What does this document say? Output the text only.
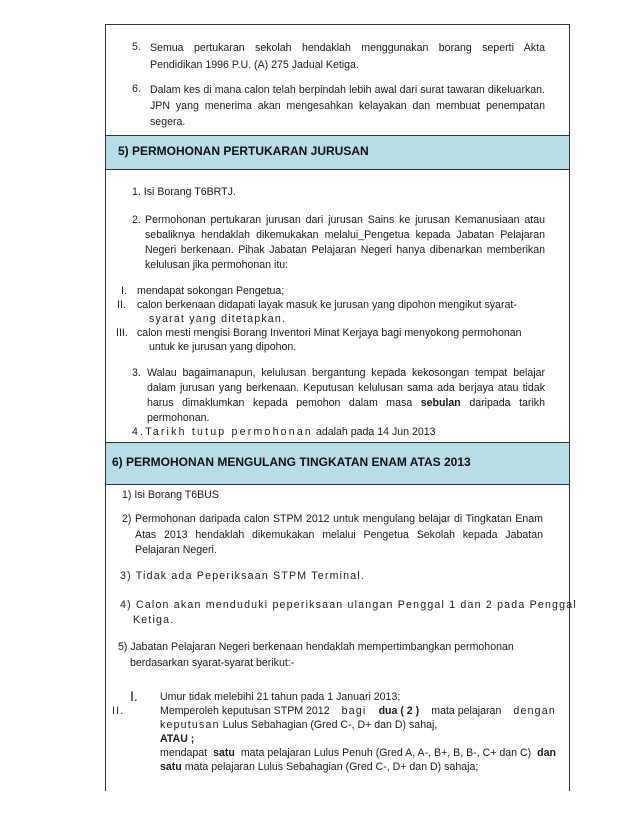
5. Semua pertukaran sekolah hendaklah menggunakan borang seperti Akta Pendidikan 1996 P.U. (A) 275 Jadual Ketiga.
6. Dalam kes di mana calon telah berpindah lebih awal dari surat tawaran dikeluarkan. JPN yang menerima akan mengesahkan kelayakan dan membuat penempatan segera.
5) PERMOHONAN PERTUKARAN JURUSAN
1. Isi Borang T6BRTJ.
2. Permohonan pertukaran jurusan dari jurusan Sains ke jurusan Kemanusiaan atau sebaliknya hendaklah dikemukakan melalui_Pengetua kepada Jabatan Pelajaran Negeri berkenaan. Pihak Jabatan Pelajaran Negeri hanya dibenarkan memberikan kelulusan jika permohonan itu:
I. mendapat sokongan Pengetua;
II. calon berkenaan didapati layak masuk ke jurusan yang dipohon mengikut syarat-
syarat yang ditetapkan.
III. calon mesti mengisi Borang Inventori Minat Kerjaya bagi menyokong permohonan
untuk ke jurusan yang dipohon.
3. Walau bagaimanapun, kelulusan bergantung kepada kekosongan tempat belajar dalam jurusan yang berkenaan. Keputusan kelulusan sama ada berjaya atau tidak harus dimaklumkan kepada pemohon dalam masa sebulan daripada tarikh permohonan.
4.Tarikh tutup permohonan adalah pada 14 Jun 2013
6) PERMOHONAN MENGULANG TINGKATAN ENAM ATAS 2013
1) Isi Borang T6BUS
2) Permohonan daripada calon STPM 2012 untuk mengulang belajar di Tingkatan Enam Atas 2013 hendaklah dikemukakan melalui Pengetua Sekolah kepada Jabatan Pelajaran Negeri.
3) Tidak ada Peperiksaan STPM Terminal.
4) Calon akan menduduki peperiksaan ulangan Penggal 1 dan 2 pada Penggal
Ketiga.
5) Jabatan Pelajaran Negeri berkenaan hendaklah mempertimbangkan permohonan
berdasarkan syarat-syarat berikut:-
I. Umur tidak melebihi 21 tahun pada 1 Januari 2013;
II.	Memperoleh keputusan STPM 2012 bagi dua ( 2 ) mata pelajaran dengan
keputusan Lulus Sebahagian (Gred C-, D+ dan D) sahaj,
ATAU ;
mendapat satu mata pelajaran Lulus Penuh (Gred A, A-, B+, B, B-, C+ dan C) dan
satu mata pelajaran Lulus Sebahagian (Gred C-, D+ dan D) sahaja;
